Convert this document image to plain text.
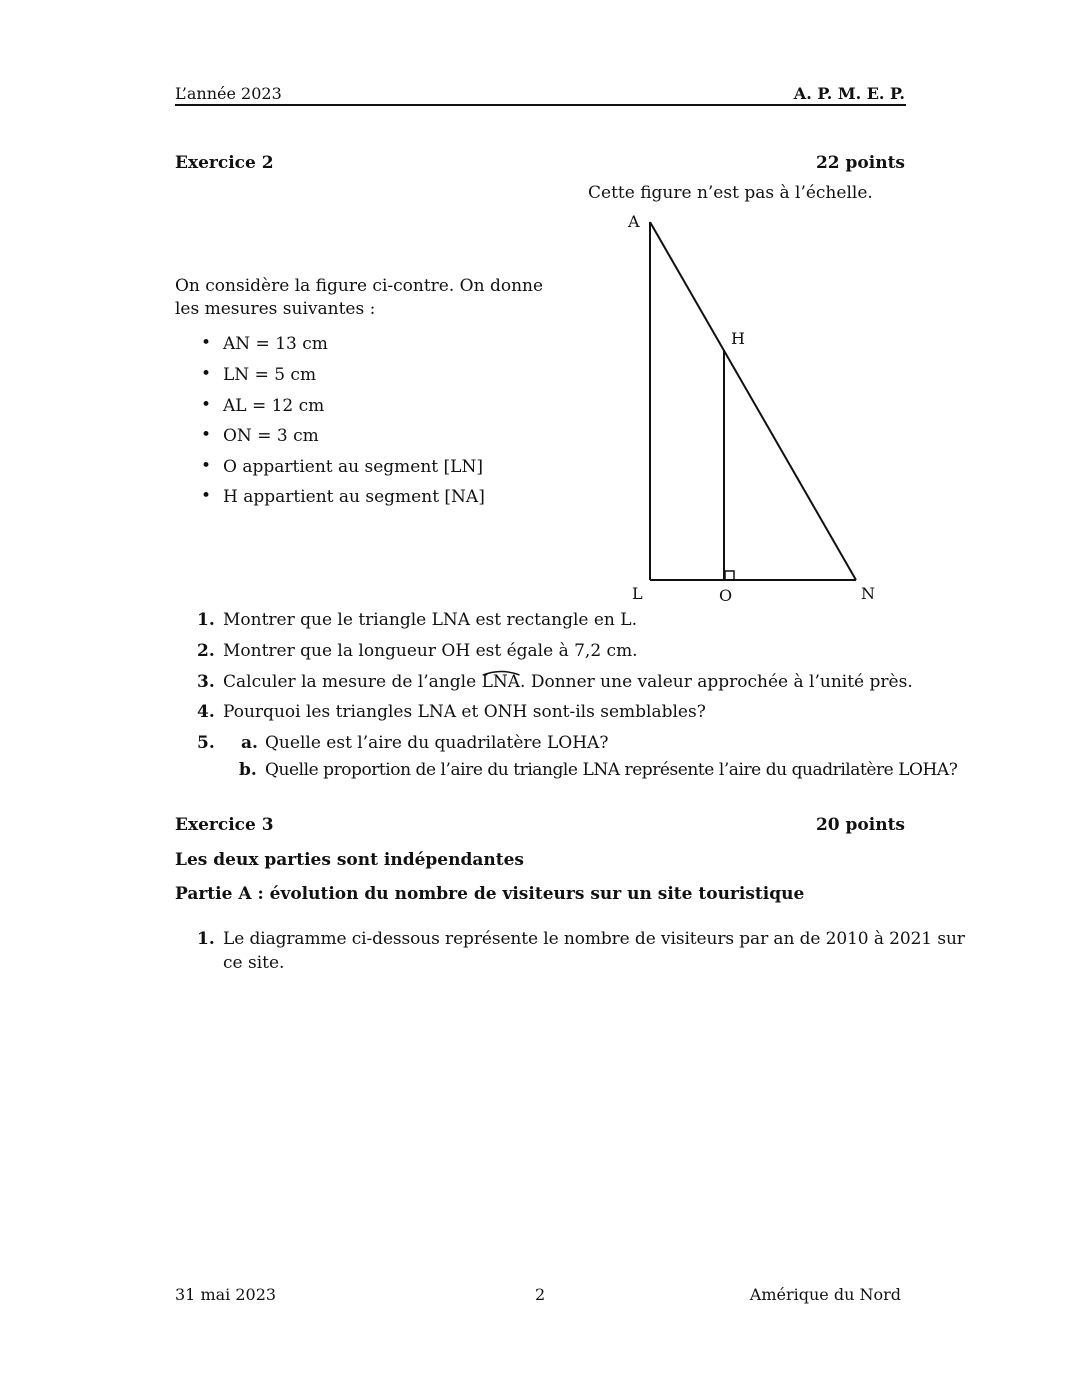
L’année 2023	A. P. M. E. P.
Exercice 2	22 points
Cette figure n’est pas à l’échelle.
On considère la figure ci-contre. On donne
les mesures suivantes :
• AN = 13 cm
• LN = 5 cm
• AL = 12 cm
• ON = 3 cm
• O appartient au segment [LN]
• H appartient au segment [NA]
A
H
L	O	N
1. Montrer que le triangle LNA est rectangle en L.
2. Montrer que la longueur OH est égale à 7,2 cm.
3. Calculer la mesure de l’angle
LNA. Donner une valeur approchée à l’unité près.
4. Pourquoi les triangles LNA et ONH sont-ils semblables?
5. a. Quelle est l’aire du quadrilatère LOHA?
b. Quelle proportion de l’aire du triangle LNA représente l’aire du quadrilatère LOHA?
Exercice 3	20 points
Les deux parties sont indépendantes
Partie A : évolution du nombre de visiteurs sur un site touristique
1. Le diagramme ci-dessous représente le nombre de visiteurs par an de 2010 à 2021 sur
ce site.
31 mai 2023	2	Amérique du Nord
